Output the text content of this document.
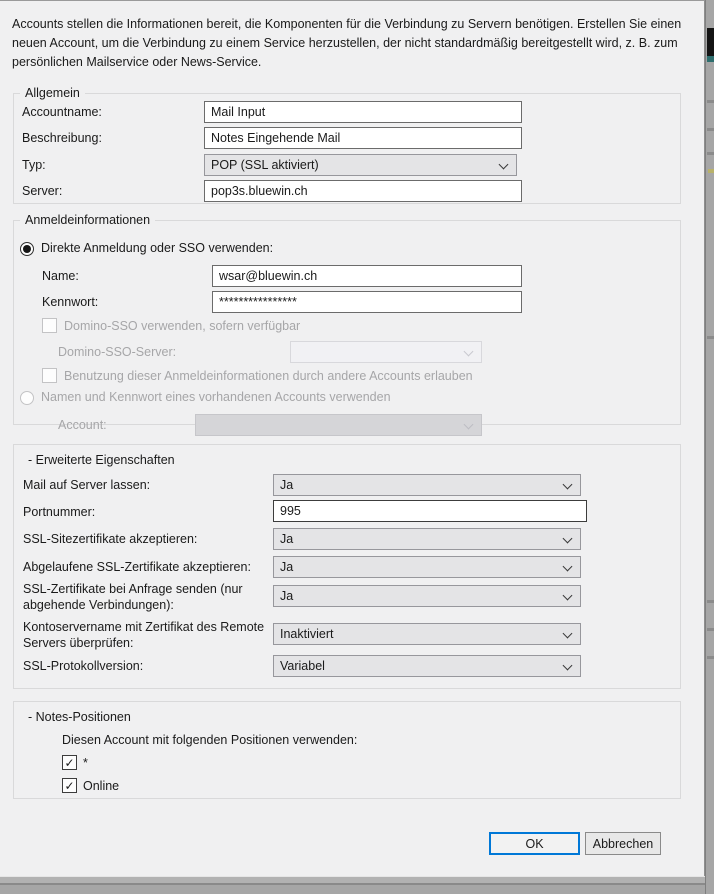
Accounts stellen die Informationen bereit, die Komponenten für die Verbindung zu Servern benötigen. Erstellen Sie einen
neuen Account, um die Verbindung zu einem Service herzustellen, der nicht standardmäßig bereitgestellt wird, z. B. zum
persönlichen Mailservice oder News-Service.
Allgemein
Accountname:
Mail Input
Beschreibung:
Notes Eingehende Mail
Typ:	POP (SSL aktiviert)
Server:
pop3s.bluewin.ch
Anmeldeinformationen
Direkte Anmeldung oder SSO verwenden:
Name:
wsar@bluewin.ch
Kennwort:
****************
Domino-SSO verwenden, sofern verfügbar
Domino-SSO-Server:
Benutzung dieser Anmeldeinformationen durch andere Accounts erlauben
Namen und Kennwort eines vorhandenen Accounts verwenden
Account:
- Erweiterte Eigenschaften
Mail auf Server lassen:	Ja
Portnummer:
995
SSL-Sitezertifikate akzeptieren:	Ja
Abgelaufene SSL-Zertifikate akzeptieren: Ja
SSL-Zertifikate bei Anfrage senden (nur abgehende Verbindungen):
Ja
Kontoservername mit Zertifikat des Remote Servers überprüfen:
Inaktiviert
SSL-Protokollversion:	Variabel
- Notes-Positionen
Diesen Account mit folgenden Positionen verwenden:
✓ *
✓ Online
OK	Abbrechen
